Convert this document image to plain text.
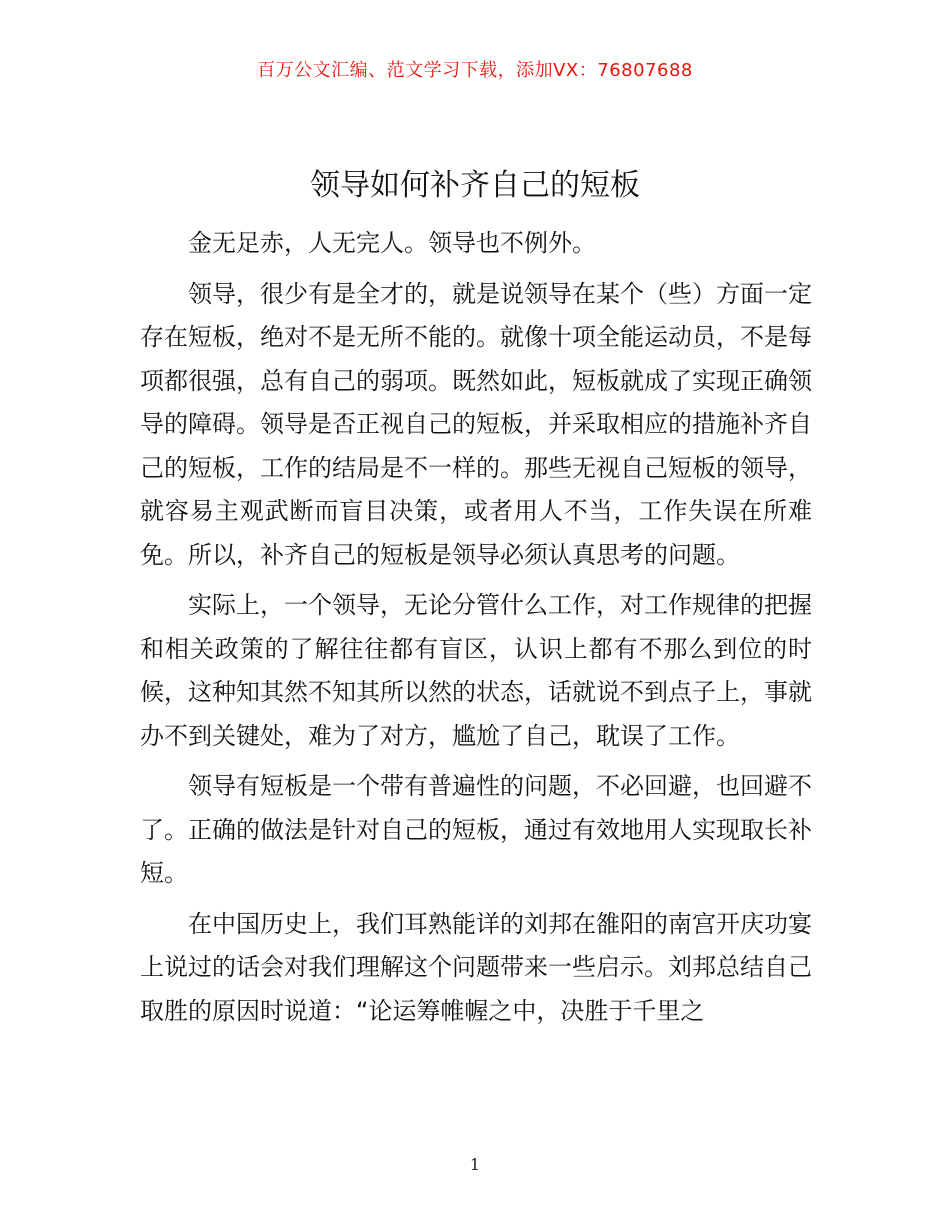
百万公文汇编、范文学习下载，添加VX：76807688
领导如何补齐自己的短板

金无足赤，人无完人。领导也不例外。

领导，很少有是全才的，就是说领导在某个（些）方面一定存在短板，绝对不是无所不能的。就像十项全能运动员，不是每项都很强，总有自己的弱项。既然如此，短板就成了实现正确领导的障碍。领导是否正视自己的短板，并采取相应的措施补齐自己的短板，工作的结局是不一样的。那些无视自己短板的领导，就容易主观武断而盲目决策，或者用人不当，工作失误在所难免。所以，补齐自己的短板是领导必须认真思考的问题。

实际上，一个领导，无论分管什么工作，对工作规律的把握和相关政策的了解往往都有盲区，认识上都有不那么到位的时候，这种知其然不知其所以然的状态，话就说不到点子上，事就办不到关键处，难为了对方，尴尬了自己，耽误了工作。

领导有短板是一个带有普遍性的问题，不必回避，也回避不了。正确的做法是针对自己的短板，通过有效地用人实现取长补短。

在中国历史上，我们耳熟能详的刘邦在雒阳的南宫开庆功宴上说过的话会对我们理解这个问题带来一些启示。刘邦总结自己取胜的原因时说道：“论运筹帷幄之中，决胜于千里之

1
